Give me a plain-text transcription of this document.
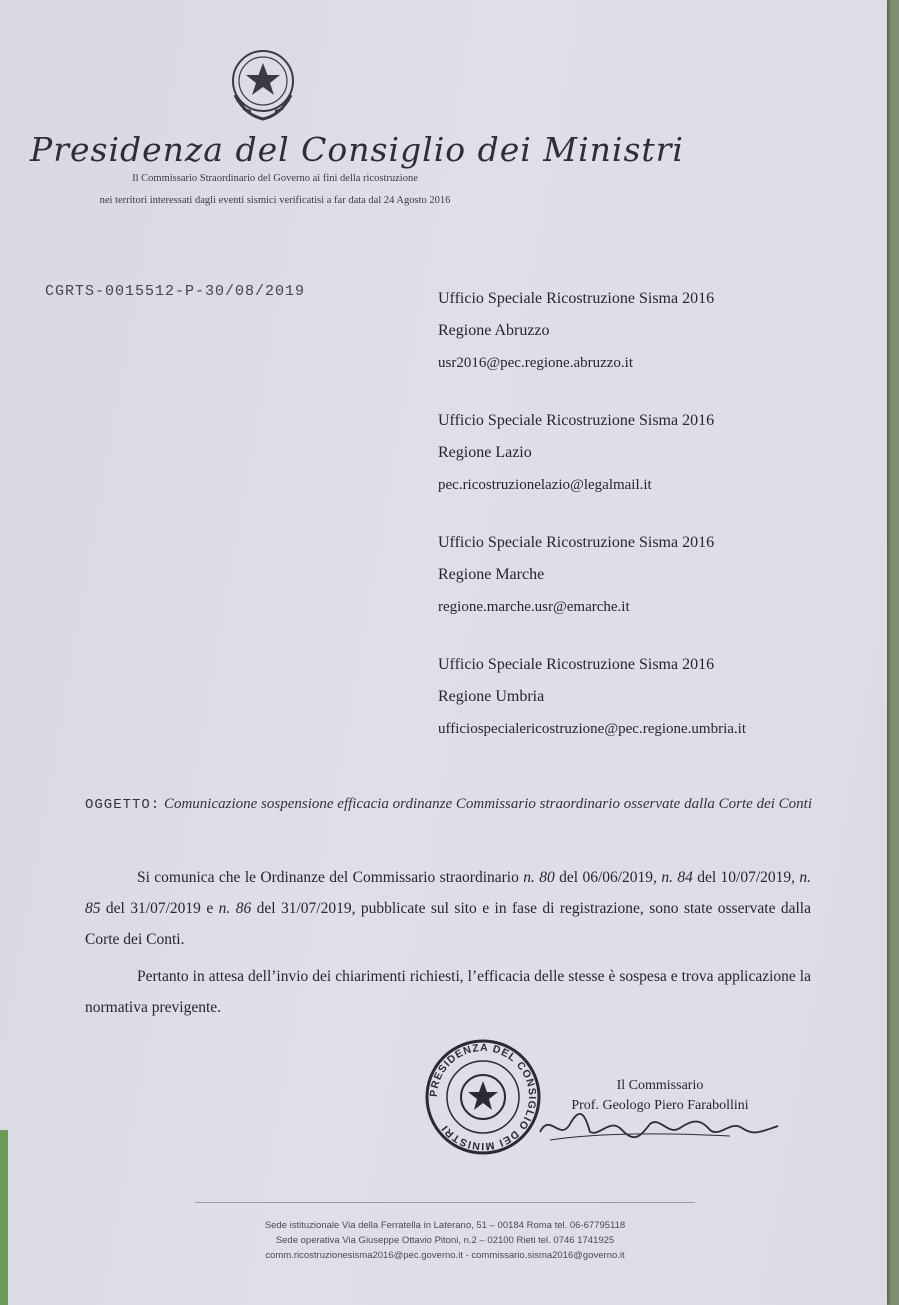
Presidenza del Consiglio dei Ministri
Il Commissario Straordinario del Governo ai fini della ricostruzione
nei territori interessati dagli eventi sismici verificatisi a far data dal 24 Agosto 2016
CGRTS-0015512-P-30/08/2019	Ufficio Speciale Ricostruzione Sisma 2016
Regione Abruzzo
usr2016@pec.regione.abruzzo.it
Ufficio Speciale Ricostruzione Sisma 2016
Regione Lazio
pec.ricostruzionelazio@legalmail.it
Ufficio Speciale Ricostruzione Sisma 2016
Regione Marche
regione.marche.usr@emarche.it
Ufficio Speciale Ricostruzione Sisma 2016
Regione Umbria
ufficiospecialericostruzione@pec.regione.umbria.it
OGGETTO: Comunicazione sospensione efficacia ordinanze Commissario straordinario osservate dalla Corte dei Conti

Si comunica che le Ordinanze del Commissario straordinario n. 80 del 06/06/2019, n. 84 del 10/07/2019, n. 85 del 31/07/2019 e n. 86 del 31/07/2019, pubblicate sul sito e in fase di registrazione, sono state osservate dalla Corte dei Conti.

Pertanto in attesa dell’invio dei chiarimenti richiesti, l’efficacia delle stesse è sospesa e trova applicazione la normativa previgente.

PRESIDENZA DEL CONSIGLIO DEI MINISTRI
Il Commissario
Prof. Geologo Piero Farabollini
Sede istituzionale Via della Ferratella in Laterano, 51 – 00184 Roma tel. 06-67795118
Sede operativa Via Giuseppe Ottavio Pitoni, n.2 – 02100 Rieti tel. 0746 1741925
comm.ricostruzionesisma2016@pec.governo.it - commissario.sisma2016@governo.it
